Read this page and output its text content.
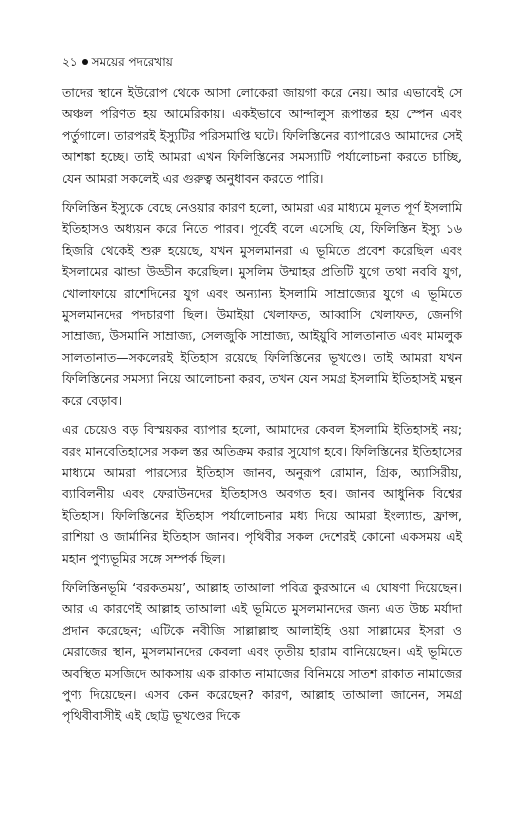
২১ সময়ের পদরেখায়

তাদের স্থানে ইউরোপ থেকে আসা লোকেরা জায়গা করে নেয়। আর এভাবেই সে অঞ্চল পরিণত হয় আমেরিকায়। একইভাবে আন্দালুস রূপান্তর হয় স্পেন এবং পর্তুগালে। তারপরই ইস্যুটির পরিসমাপ্তি ঘটে। ফিলিস্তিনের ব্যাপারেও আমাদের সেই আশঙ্কা হচ্ছে। তাই আমরা এখন ফিলিস্তিনের সমস্যাটি পর্যালোচনা করতে চাচ্ছি, যেন আমরা সকলেই এর গুরুত্ব অনুধাবন করতে পারি।

ফিলিস্তিন ইস্যুকে বেছে নেওয়ার কারণ হলো, আমরা এর মাধ্যমে মূলত পূর্ণ ইসলামি ইতিহাসও অধ্যয়ন করে নিতে পারব। পূর্বেই বলে এসেছি যে, ফিলিস্তিন ইস্যু ১৬ হিজরি থেকেই শুরু হয়েছে, যখন মুসলমানরা এ ভূমিতে প্রবেশ করেছিল এবং ইসলামের ঝান্ডা উড্ডীন করেছিল। মুসলিম উম্মাহর প্রতিটি যুগে তথা নববি যুগ, খোলাফায়ে রাশেদিনের যুগ এবং অন্যান্য ইসলামি সাম্রাজ্যের যুগে এ ভূমিতে মুসলমানদের পদচারণা ছিল। উমাইয়া খেলাফত, আব্বাসি খেলাফত, জেনগি সাম্রাজ্য, উসমানি সাম্রাজ্য, সেলজুকি সাম্রাজ্য, আইয়ুবি সালতানাত এবং মামলুক সালতানাত—সকলেরই ইতিহাস রয়েছে ফিলিস্তিনের ভূখণ্ডে। তাই আমরা যখন ফিলিস্তিনের সমস্যা নিয়ে আলোচনা করব, তখন যেন সমগ্র ইসলামি ইতিহাসই মন্থন করে বেড়াব।

এর চেয়েও বড় বিস্ময়কর ব্যাপার হলো, আমাদের কেবল ইসলামি ইতিহাসই নয়; বরং মানবেতিহাসের সকল স্তর অতিক্রম করার সুযোগ হবে। ফিলিস্তিনের ইতিহাসের মাধ্যমে আমরা পারস্যের ইতিহাস জানব, অনুরূপ রোমান, গ্রিক, অ্যাসিরীয়, ব্যাবিলনীয় এবং ফেরাউনদের ইতিহাসও অবগত হব। জানব আধুনিক বিশ্বের ইতিহাস। ফিলিস্তিনের ইতিহাস পর্যালোচনার মধ্য দিয়ে আমরা ইংল্যান্ড, ফ্রান্স, রাশিয়া ও জার্মানির ইতিহাস জানব। পৃথিবীর সকল দেশেরই কোনো একসময় এই মহান পুণ্যভূমির সঙ্গে সম্পর্ক ছিল।

ফিলিস্তিনভূমি ‘বরকতময়’, আল্লাহ তাআলা পবিত্র কুরআনে এ ঘোষণা দিয়েছেন। আর এ কারণেই আল্লাহ তাআলা এই ভূমিতে মুসলমানদের জন্য এত উচ্চ মর্যাদা প্রদান করেছেন; এটিকে নবীজি সাল্লাল্লাহু আলাইহি ওয়া সাল্লামের ইসরা ও মেরাজের স্থান, মুসলমানদের কেবলা এবং তৃতীয় হারাম বানিয়েছেন। এই ভূমিতে অবস্থিত মসজিদে আকসায় এক রাকাত নামাজের বিনিময়ে সাতশ রাকাত নামাজের পুণ্য দিয়েছেন। এসব কেন করেছেন? কারণ, আল্লাহ তাআলা জানেন, সমগ্র পৃথিবীবাসীই এই ছোট্ট ভূখণ্ডের দিকে
